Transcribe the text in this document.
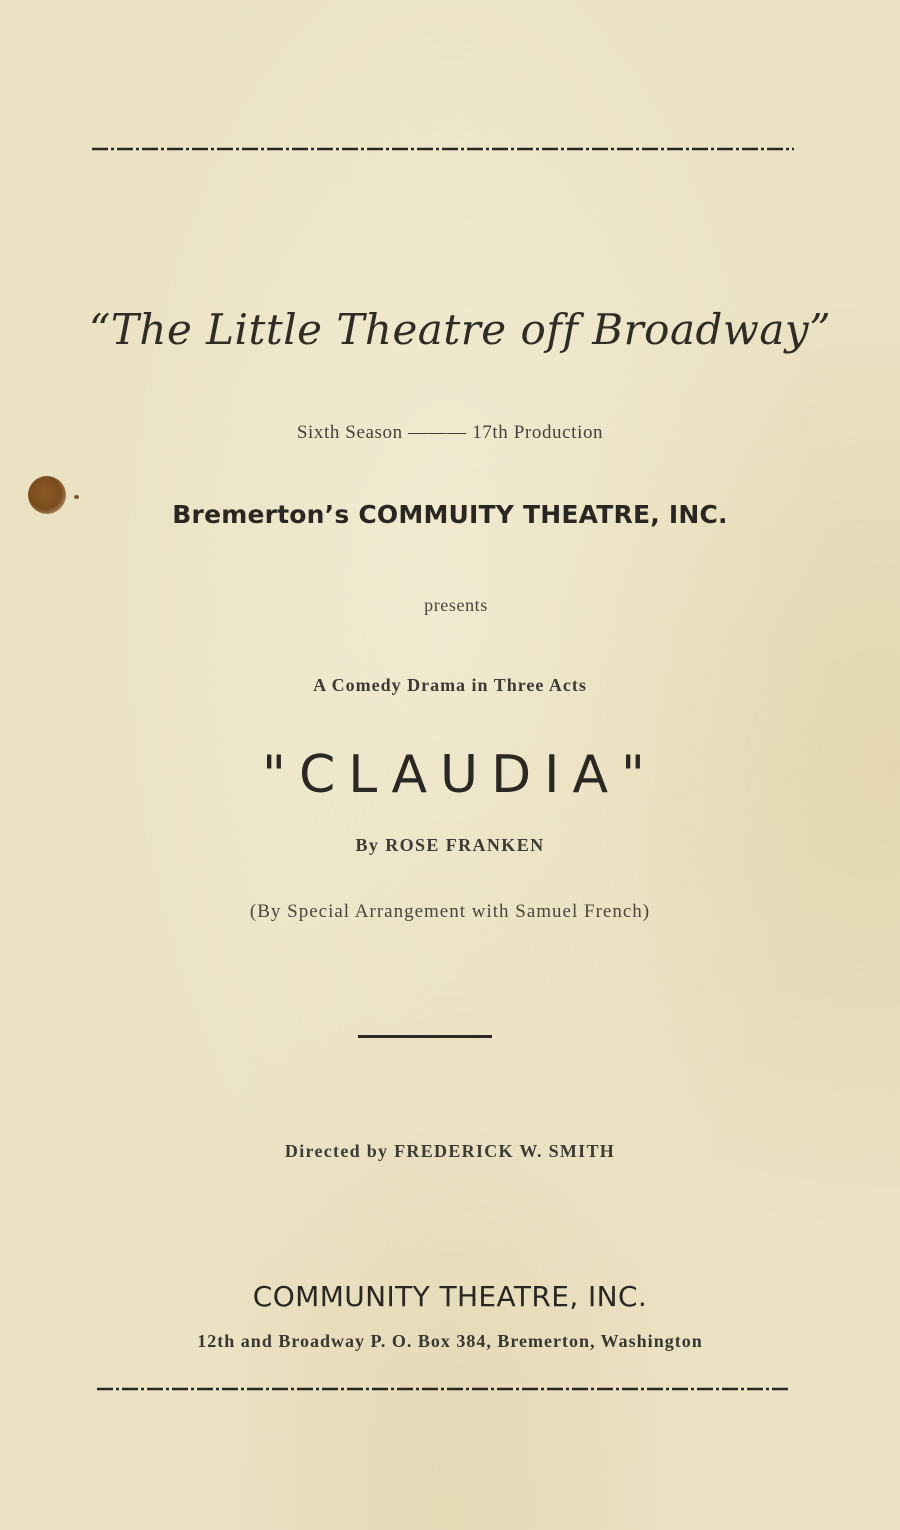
“The Little Theatre off Broadway”
Sixth Season ——— 17th Production
Bremerton’s COMMUITY THEATRE, INC.
presents
A Comedy Drama in Three Acts
"CLAUDIA"
By ROSE FRANKEN
(By Special Arrangement with Samuel French)
Directed by FREDERICK W. SMITH
COMMUNITY THEATRE, INC.
12th and Broadway P. O. Box 384, Bremerton, Washington
